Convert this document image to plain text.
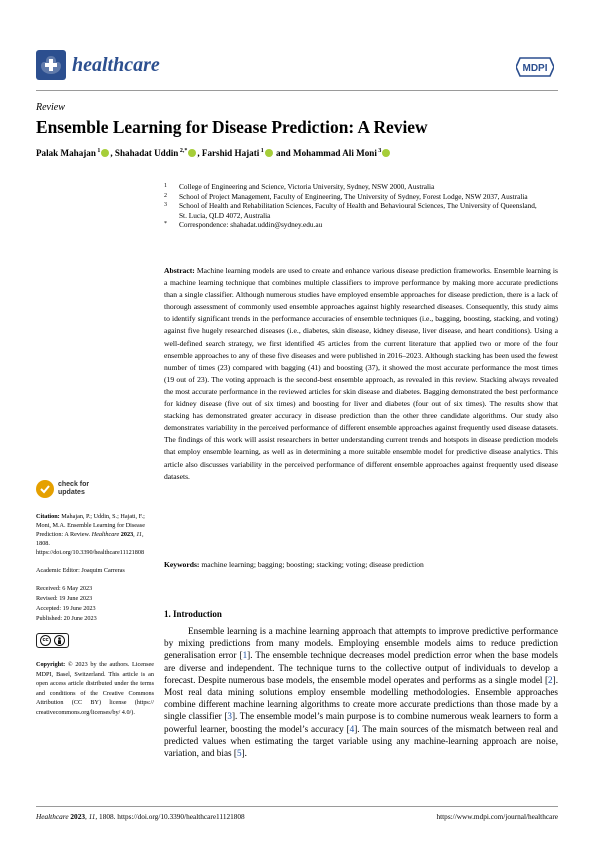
healthcare	MDPI
Review
Ensemble Learning for Disease Prediction: A Review
Palak Mahajan $^1$ , Shahadat Uddin $^{2,*}$ , Farshid Hajati $^1$ and Mohammad Ali Moni $^3$
1 College of Engineering and Science, Victoria University, Sydney, NSW 2000, Australia
2 School of Project Management, Faculty of Engineering, The University of Sydney, Forest Lodge, NSW 2037, Australia
3 School of Health and Rehabilitation Sciences, Faculty of Health and Behavioural Sciences, The University of Queensland, St. Lucia, QLD 4072, Australia
* Correspondence: shahadat.uddin@sydney.edu.au
Abstract: Machine learning models are used to create and enhance various disease prediction frameworks. Ensemble learning is a machine learning technique that combines multiple classifiers to improve performance by making more accurate predictions than a single classifier. Although numerous studies have employed ensemble approaches for disease prediction, there is a lack of thorough assessment of commonly used ensemble approaches against highly researched diseases. Consequently, this study aims to identify significant trends in the performance accuracies of ensemble techniques (i.e., bagging, boosting, stacking, and voting) against five hugely researched diseases (i.e., diabetes, skin disease, kidney disease, liver disease, and heart conditions). Using a well-defined search strategy, we first identified 45 articles from the current literature that applied two or more of the four ensemble approaches to any of these five diseases and were published in 2016–2023. Although stacking has been used the fewest number of times (23) compared with bagging (41) and boosting (37), it showed the most accurate performance the most times (19 out of 23). The voting approach is the second-best ensemble approach, as revealed in this review. Stacking always revealed the most accurate performance in the reviewed articles for skin disease and diabetes. Bagging demonstrated the best performance for kidney disease (five out of six times) and boosting for liver and diabetes (four out of six times). The results show that stacking has demonstrated greater accuracy in disease prediction than the other three candidate algorithms. Our study also demonstrates variability in the perceived performance of different ensemble approaches against frequently used disease datasets. The findings of this work will assist researchers in better understanding current trends and hotspots in disease prediction models that employ ensemble learning, as well as in determining a more suitable ensemble model for predictive disease analytics. This article also discusses variability in the perceived performance of different ensemble approaches against frequently used disease datasets.
Keywords: machine learning; bagging; boosting; stacking; voting; disease prediction
check for
updates
Citation: Mahajan, P.; Uddin, S.; Hajati, F.; Moni, M.A. Ensemble Learning for Disease Prediction: A Review. Healthcare 2023, 11, 1808. https://doi.org/10.3390/healthcare11121808
Academic Editor: Joaquim Carreras
Received: 6 May 2023
Revised: 19 June 2023
Accepted: 19 June 2023
Published: 20 June 2023
cc
Copyright: © 2023 by the authors. Licensee MDPI, Basel, Switzerland. This article is an open access article distributed under the terms and conditions of the Creative Commons Attribution (CC BY) license (https:// creativecommons.org/licenses/by/ 4.0/).
1. Introduction
Ensemble learning is a machine learning approach that attempts to improve predictive performance by mixing predictions from many models. Employing ensemble models aims to reduce prediction generalisation error [1]. The ensemble technique decreases model prediction error when the base models are diverse and independent. The technique turns to the collective output of individuals to develop a forecast. Despite numerous base models, the ensemble model operates and performs as a single model [2]. Most real data mining solutions employ ensemble modelling methodologies. Ensemble approaches combine different machine learning algorithms to create more accurate predictions than those made by a single classifier [3]. The ensemble model’s main purpose is to combine numerous weak learners to form a powerful learner, boosting the model’s accuracy [4]. The main sources of the mismatch between real and predicted values when estimating the target variable using any machine-learning approach are noise, variation, and bias [5].
Healthcare 2023, 11, 1808. https://doi.org/10.3390/healthcare11121808	https://www.mdpi.com/journal/healthcare
